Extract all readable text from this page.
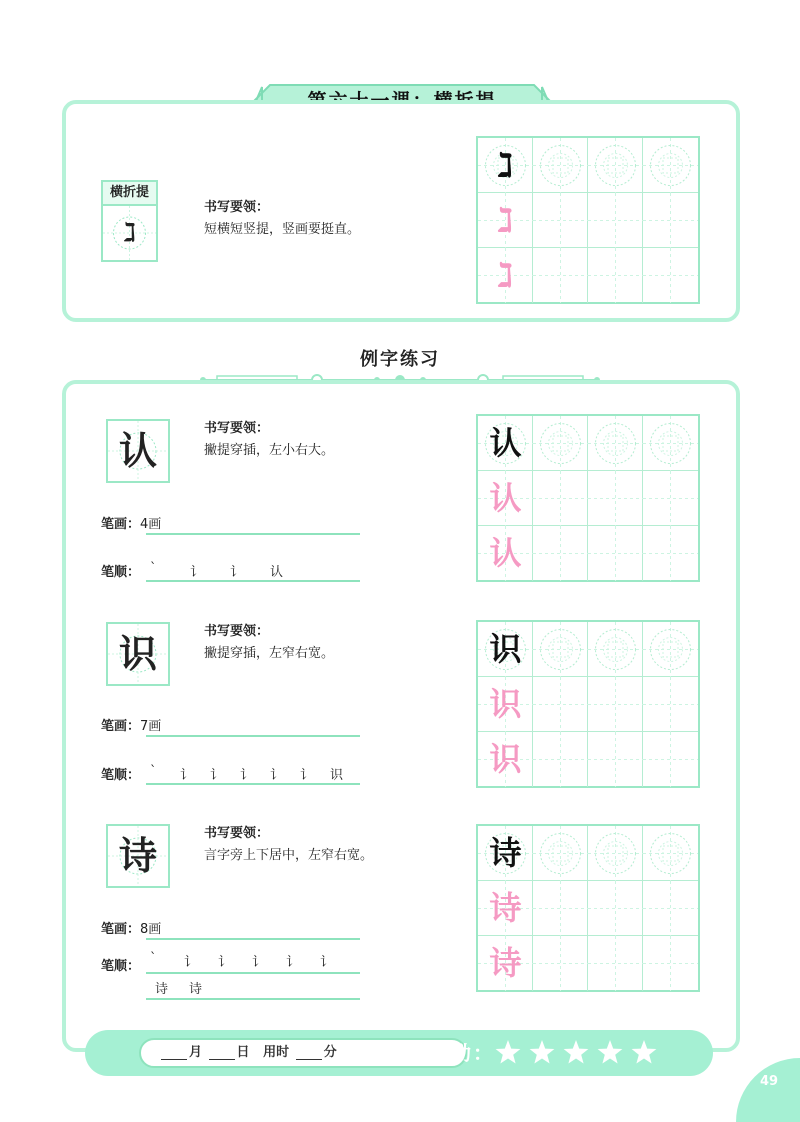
横折提
ℷ
书写要领：
短横短竖提，竖画要挺直。
ℷ
ℷ
ℷ
例字练习
认	书写要领：
撇提穿插，左小右大。
笔画：4画
笔顺： `	讠 讠 认
认
认
认
识	书写要领：
撇提穿插，左窄右宽。
笔画：7画
笔顺： ` 讠 讠 讠 讠 讠 识
识
识
识
诗	书写要领：
言字旁上下居中，左窄右宽。
笔画：8画
笔顺：
` 讠 讠 讠 讠 讠
诗 诗
诗
诗
诗
月	日 用时	分	奖励：
49
